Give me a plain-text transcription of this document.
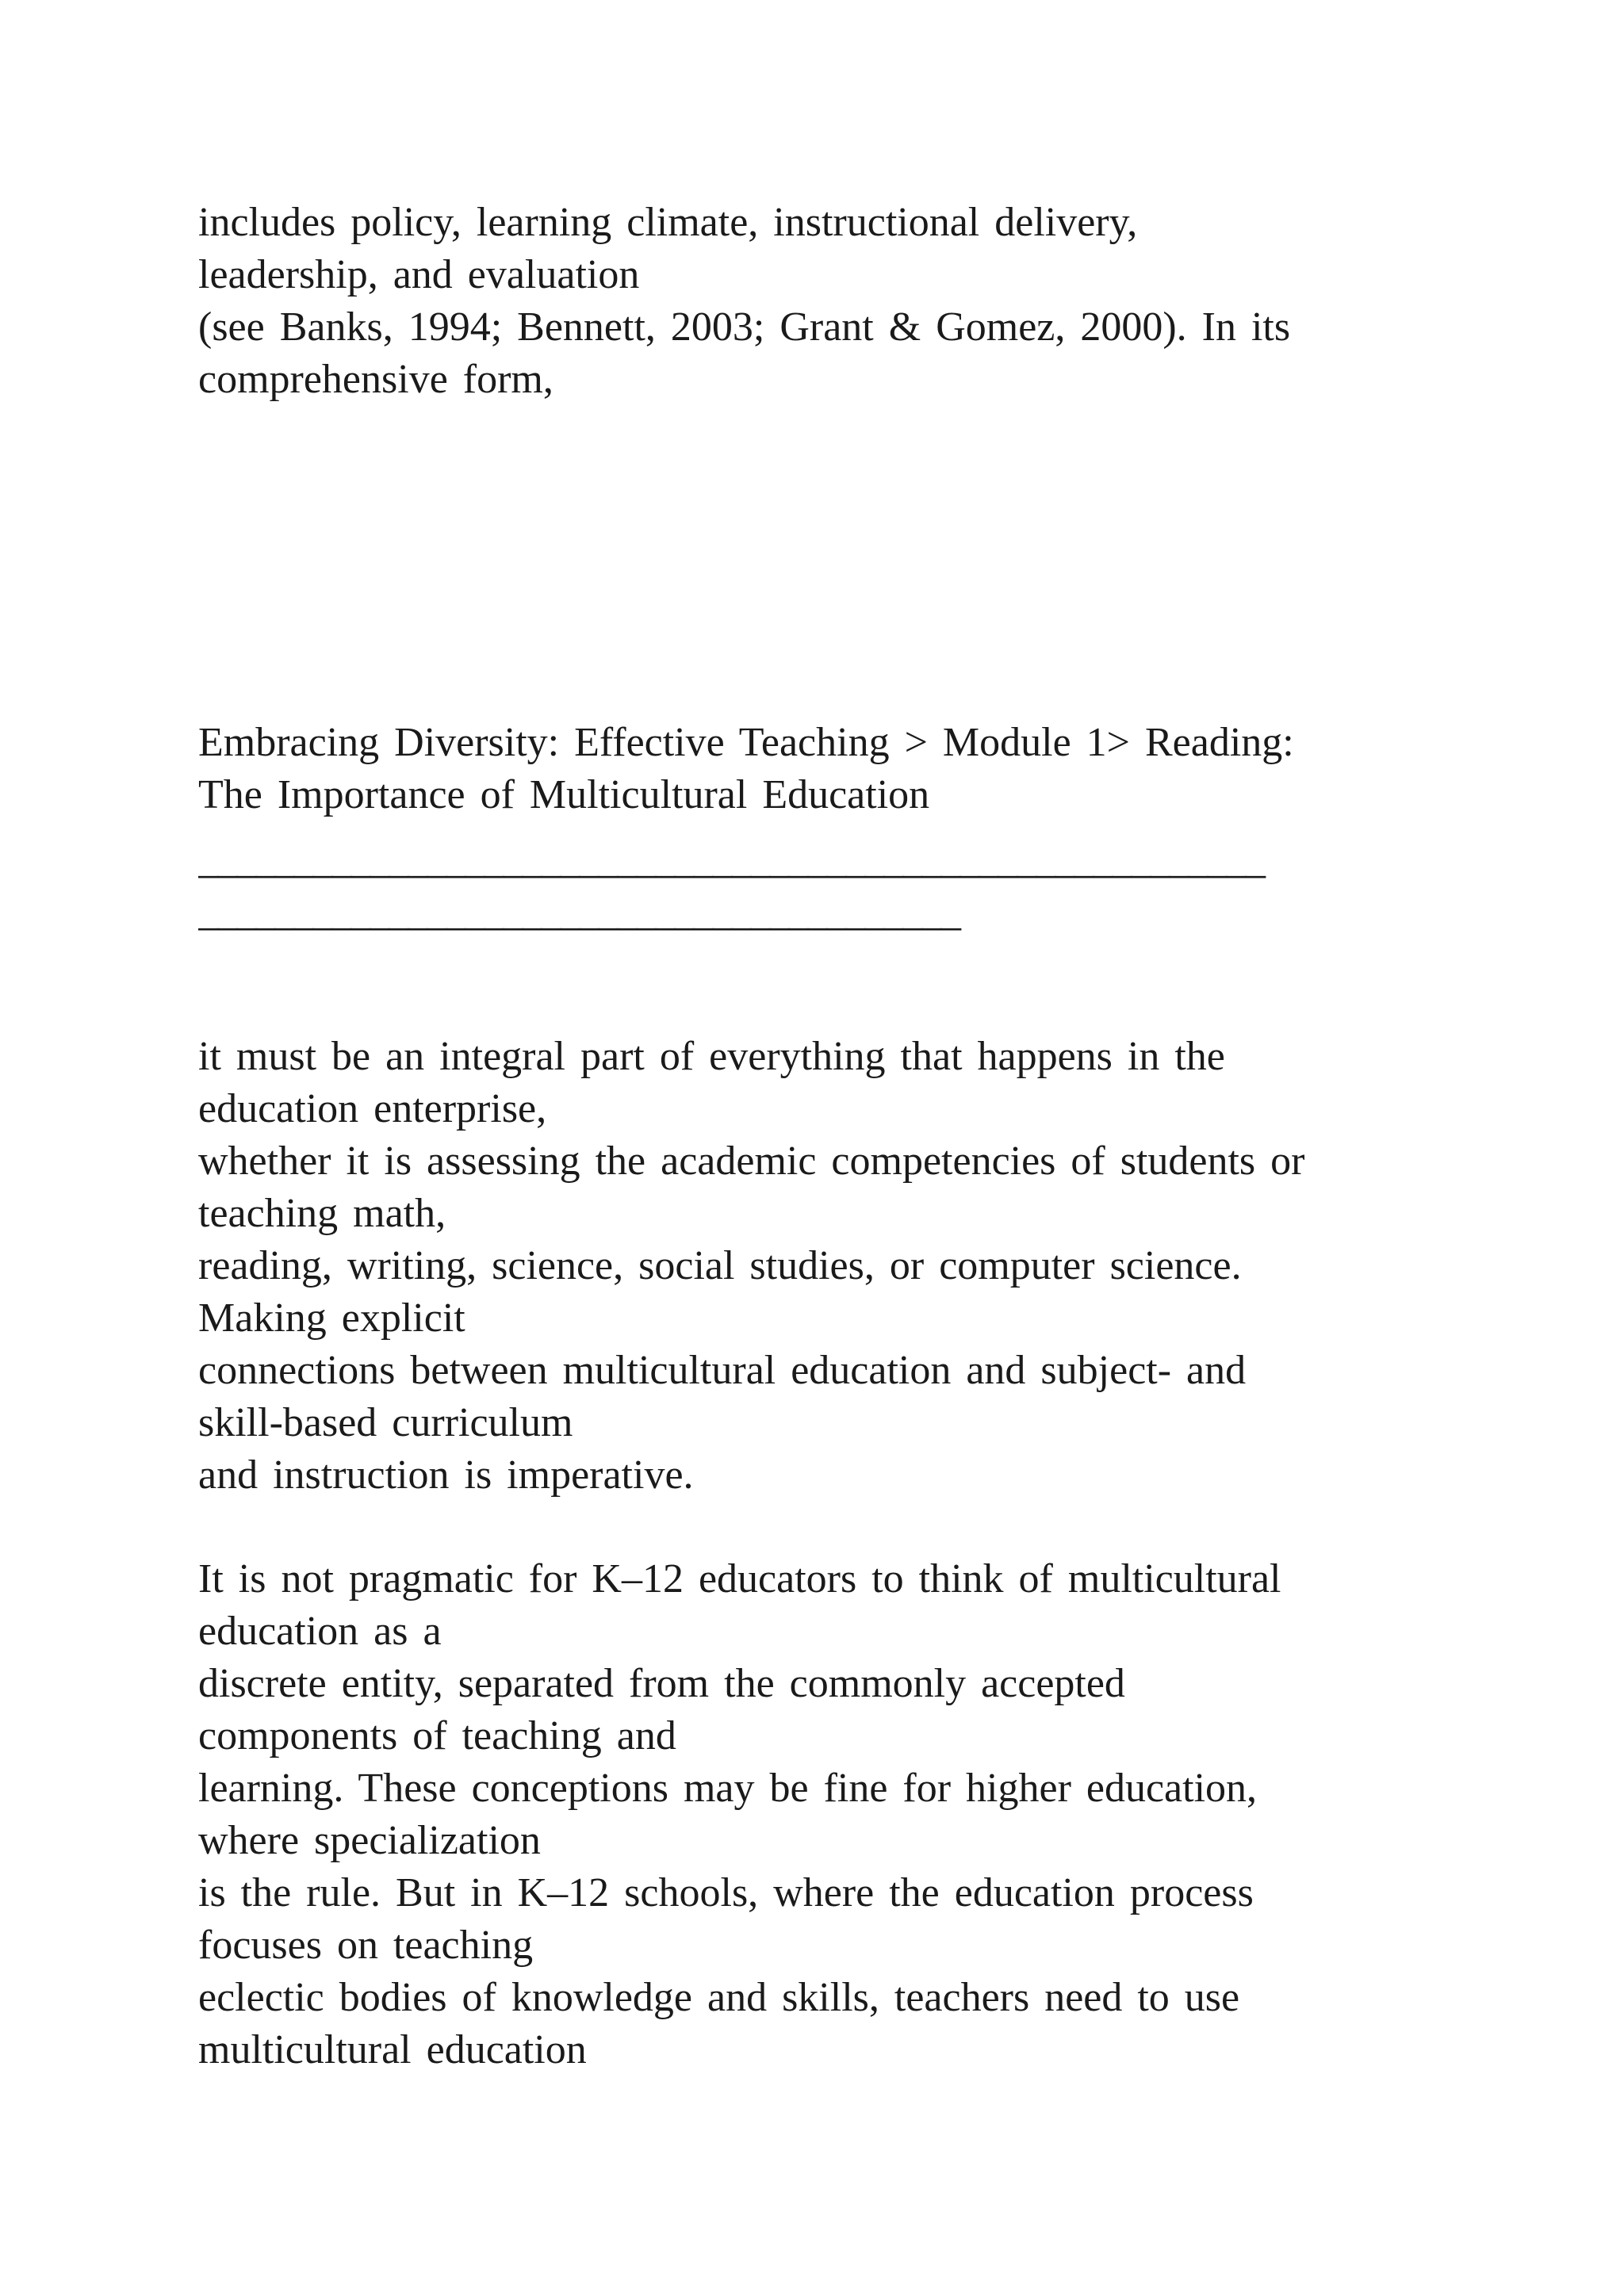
includes policy, learning climate, instructional delivery,
leadership, and evaluation
(see Banks, 1994; Bennett, 2003; Grant & Gomez, 2000). In its
comprehensive form,
Embracing Diversity: Effective Teaching > Module 1> Reading:
The Importance of Multicultural Education
________________________________________________________
________________________________________
it must be an integral part of everything that happens in the
education enterprise,
whether it is assessing the academic competencies of students or
teaching math,
reading, writing, science, social studies, or computer science.
Making explicit
connections between multicultural education and subject- and
skill-based curriculum
and instruction is imperative.
It is not pragmatic for K–12 educators to think of multicultural
education as a
discrete entity, separated from the commonly accepted
components of teaching and
learning. These conceptions may be fine for higher education,
where specialization
is the rule. But in K–12 schools, where the education process
focuses on teaching
eclectic bodies of knowledge and skills, teachers need to use
multicultural education
